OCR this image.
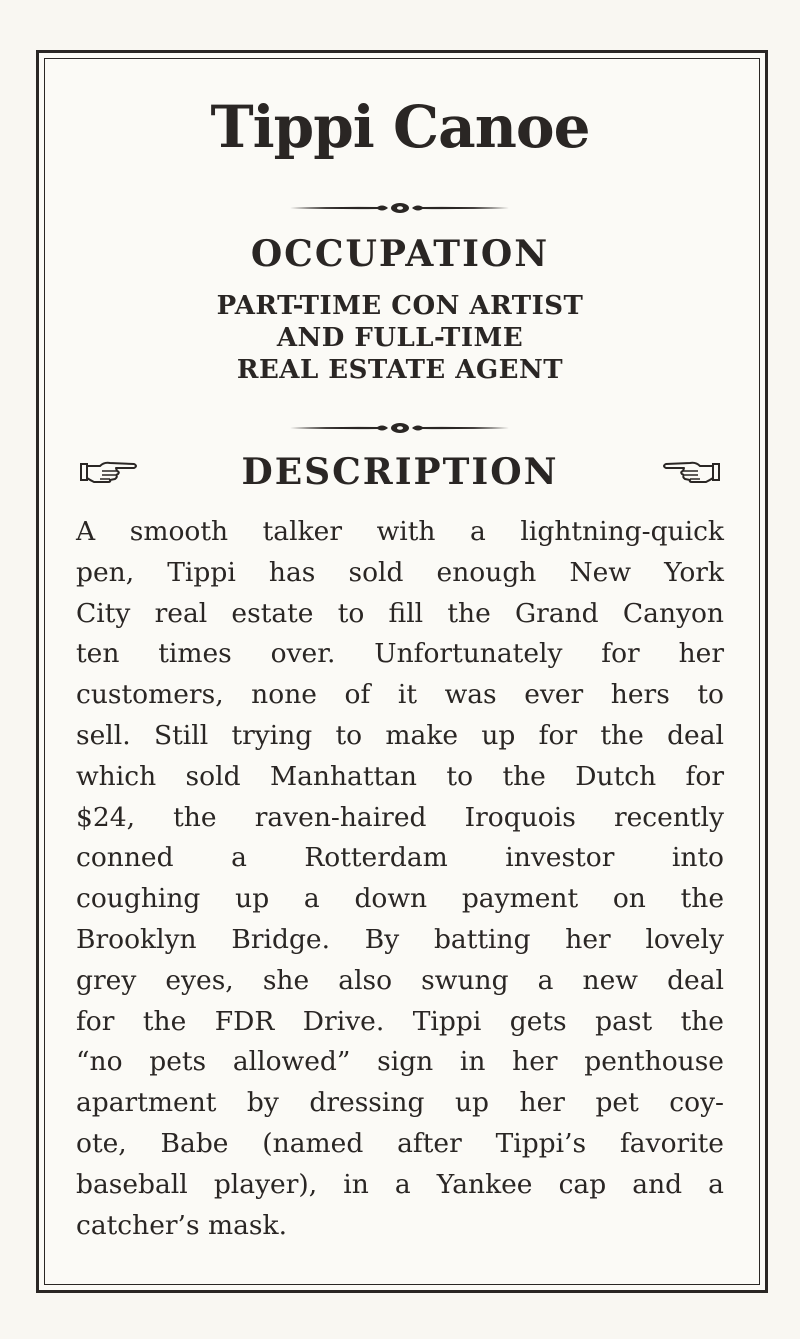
Tippi Canoe
OCCUPATION
PART-TIME CON ARTIST
AND FULL-TIME
REAL ESTATE AGENT
DESCRIPTION
A smooth talker with a lightning-quick
pen, Tippi has sold enough New York
City real estate to fill the Grand Canyon
ten times over. Unfortunately for her
customers, none of it was ever hers to
sell. Still trying to make up for the deal
which sold Manhattan to the Dutch for
$24, the raven-haired Iroquois recently
conned a Rotterdam investor into
coughing up a down payment on the
Brooklyn Bridge. By batting her lovely
grey eyes, she also swung a new deal
for the FDR Drive. Tippi gets past the
“no pets allowed” sign in her penthouse
apartment by dressing up her pet coy-
ote, Babe (named after Tippi’s favorite
baseball player), in a Yankee cap and a
catcher’s mask.
